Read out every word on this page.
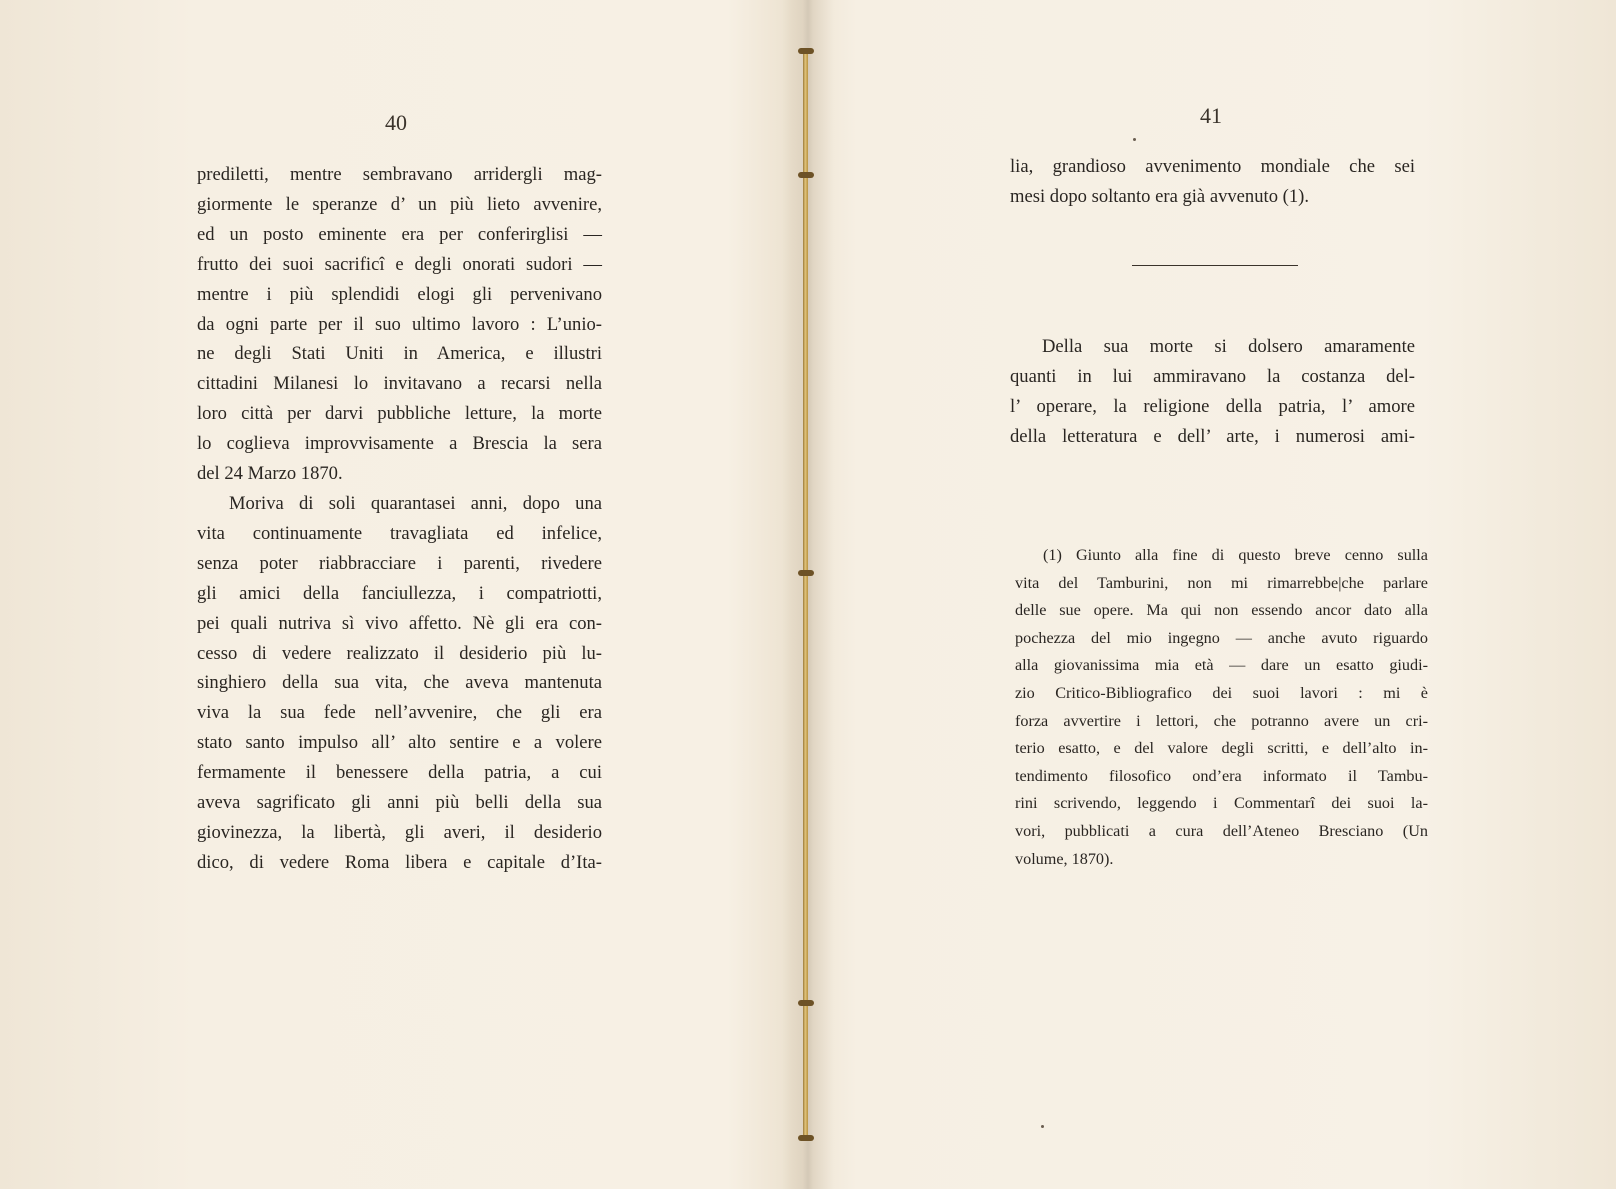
40
prediletti, mentre sembravano arridergli mag-
giormente le speranze d’ un più lieto avvenire,
ed un posto eminente era per conferirglisi —
frutto dei suoi sacrificî e degli onorati sudori —
mentre i più splendidi elogi gli pervenivano
da ogni parte per il suo ultimo lavoro : L’unio-
ne degli Stati Uniti in America, e illustri
cittadini Milanesi lo invitavano a recarsi nella
loro città per darvi pubbliche letture, la morte
lo coglieva improvvisamente a Brescia la sera
del 24 Marzo 1870.
Moriva di soli quarantasei anni, dopo una
vita continuamente travagliata ed infelice,
senza poter riabbracciare i parenti, rivedere
gli amici della fanciullezza, i compatriotti,
pei quali nutriva sì vivo affetto. Nè gli era con-
cesso di vedere realizzato il desiderio più lu-
singhiero della sua vita, che aveva mantenuta
viva la sua fede nell’avvenire, che gli era
stato santo impulso all’ alto sentire e a volere
fermamente il benessere della patria, a cui
aveva sagrificato gli anni più belli della sua
giovinezza, la libertà, gli averi, il desiderio
dico, di vedere Roma libera e capitale d’Ita-
41
lia, grandioso avvenimento mondiale che sei
mesi dopo soltanto era già avvenuto (1).
Della sua morte si dolsero amaramente
quanti in lui ammiravano la costanza del-
l’ operare, la religione della patria, l’ amore
della letteratura e dell’ arte, i numerosi ami-
(1) Giunto alla fine di questo breve cenno sulla
vita del Tamburini, non mi rimarrebbe|che parlare
delle sue opere. Ma qui non essendo ancor dato alla
pochezza del mio ingegno — anche avuto riguardo
alla giovanissima mia età — dare un esatto giudi-
zio Critico-Bibliografico dei suoi lavori : mi è
forza avvertire i lettori, che potranno avere un cri-
terio esatto, e del valore degli scritti, e dell’alto in-
tendimento filosofico ond’era informato il Tambu-
rini scrivendo, leggendo i Commentarî dei suoi la-
vori, pubblicati a cura dell’Ateneo Bresciano (Un
volume, 1870).
